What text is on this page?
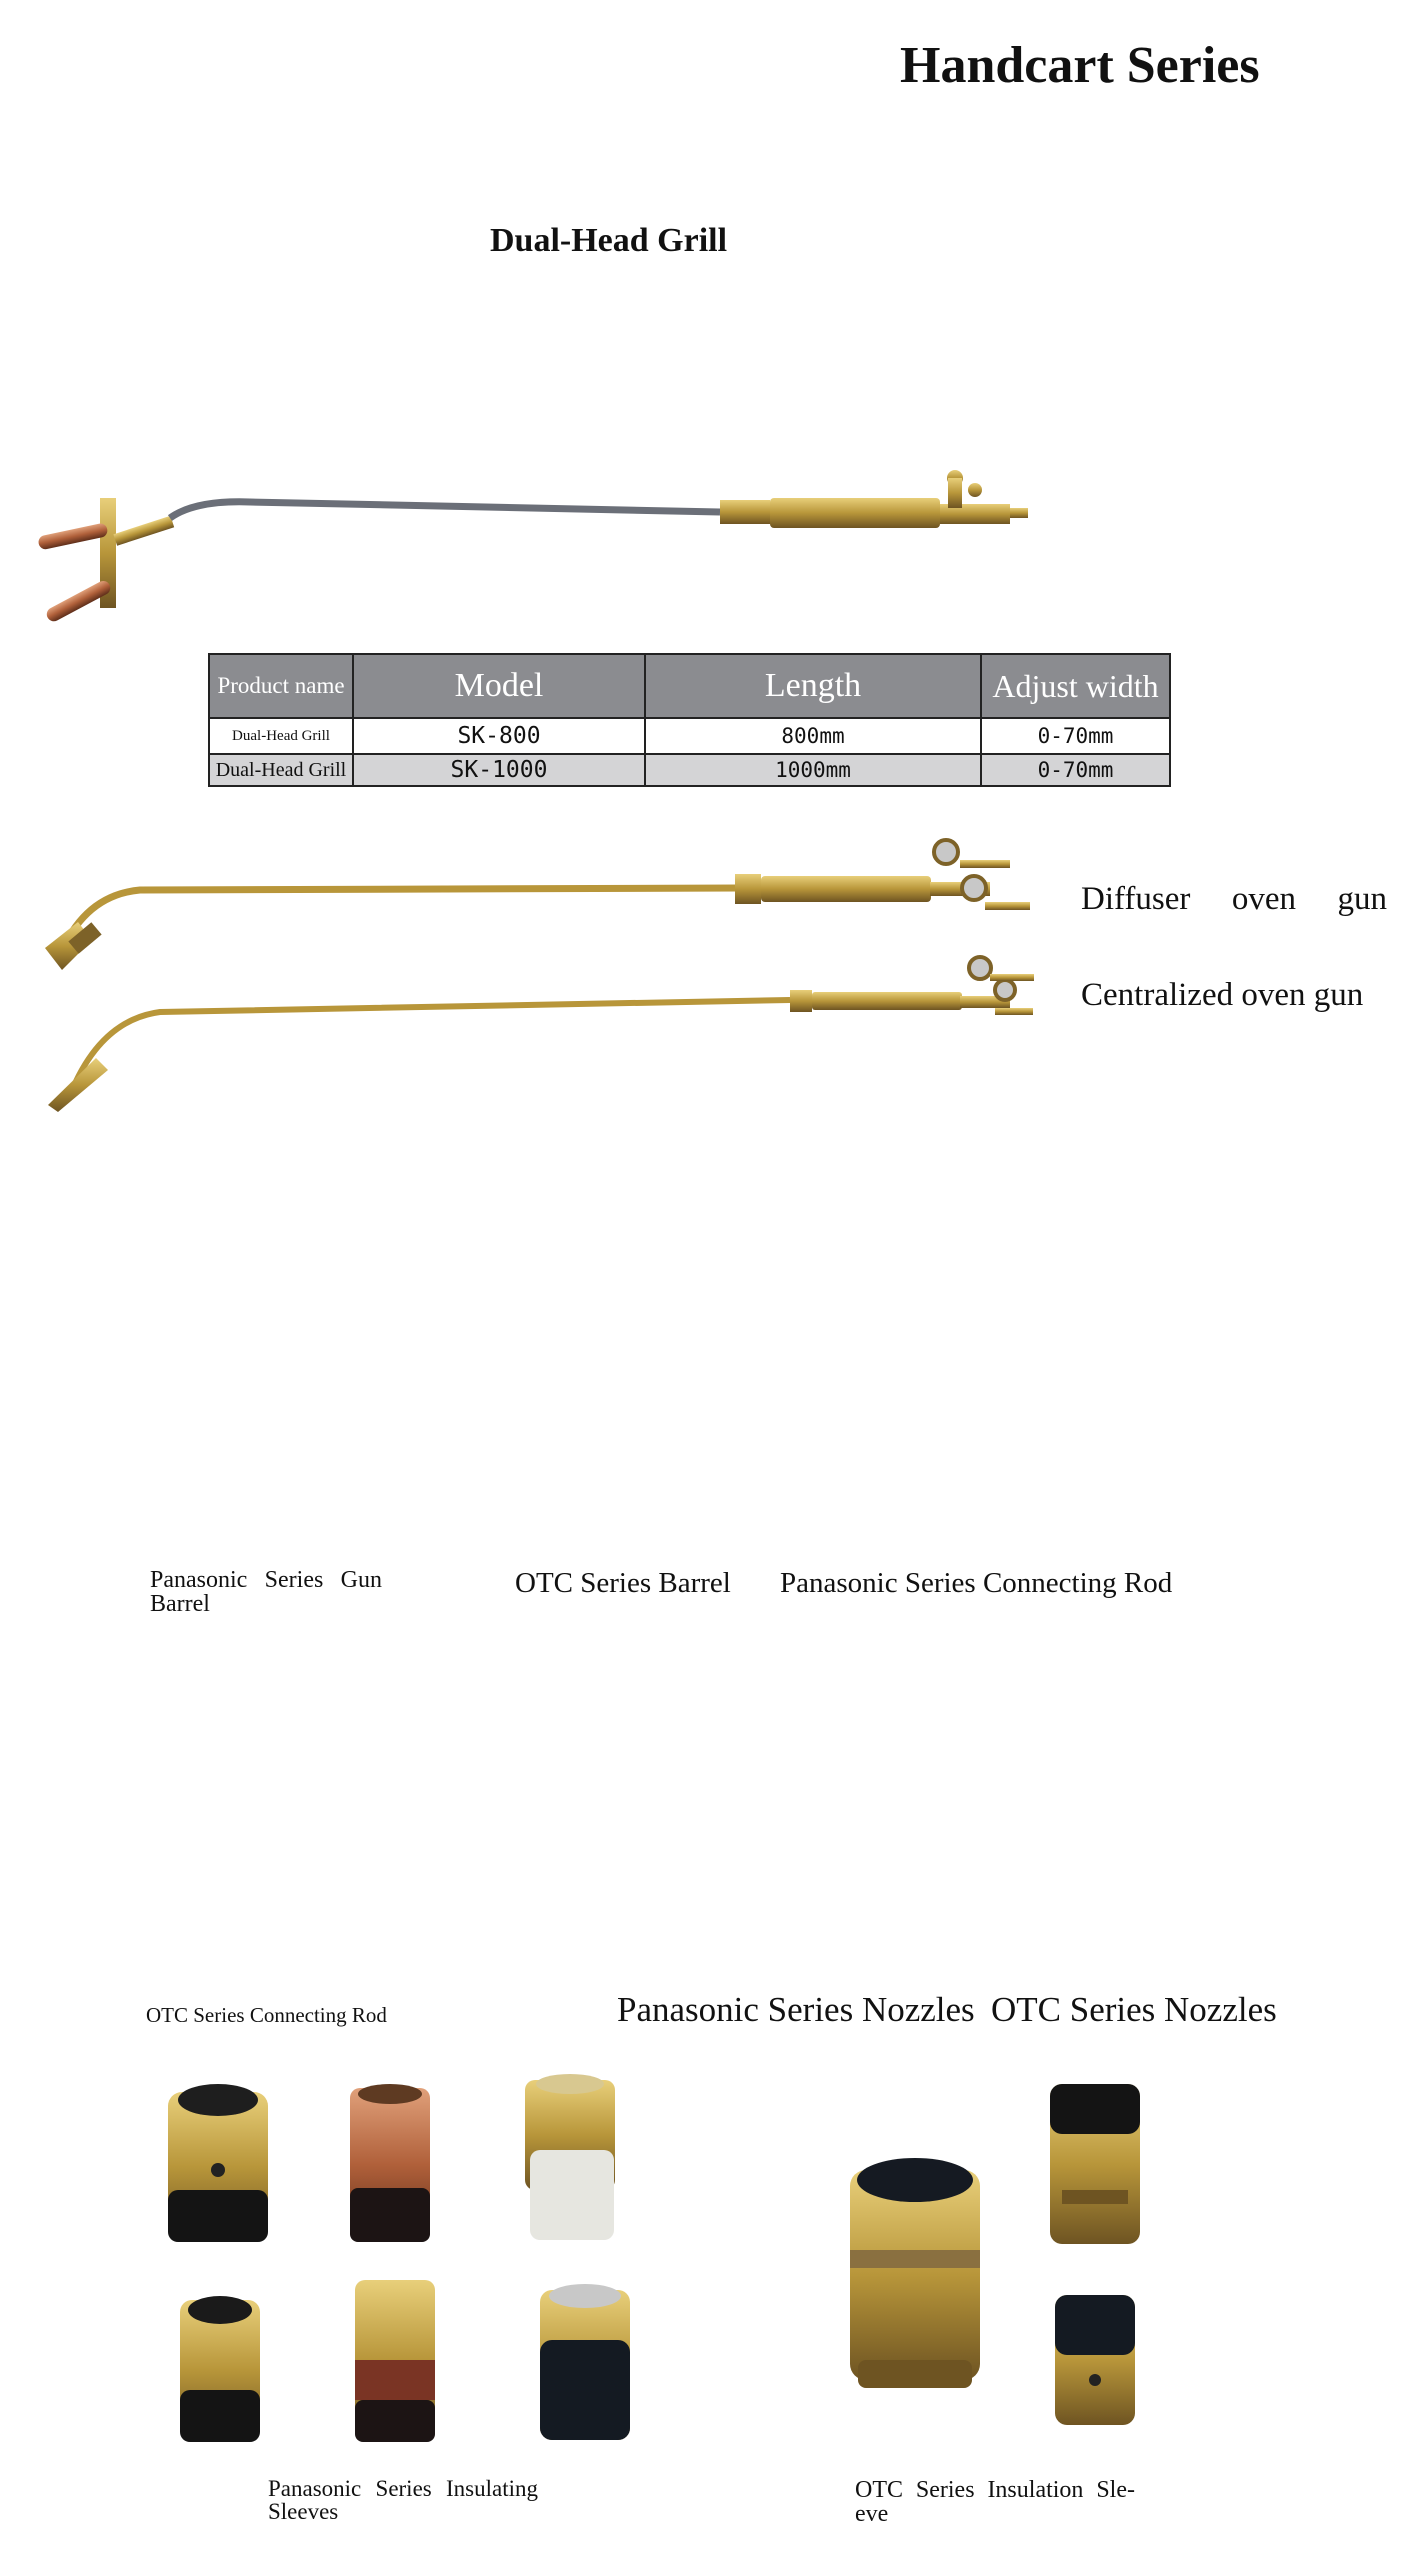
Handcart Series
Dual-Head Grill
Product name	Model	Length	Adjust width
Dual-Head Grill	SK-800	800mm	0-70mm
Dual-Head Grill	SK-1000	1000mm	0-70mm
Diffuser oven gun
Centralized oven gun
Panasonic Series Gun
Barrel
OTC Series Barrel Panasonic Series Connecting Rod
OTC Series Connecting Rod	Panasonic Series Nozzles OTC Series Nozzles
Panasonic Series Insulating
Sleeves
OTC Series Insulation Sle-
eve
